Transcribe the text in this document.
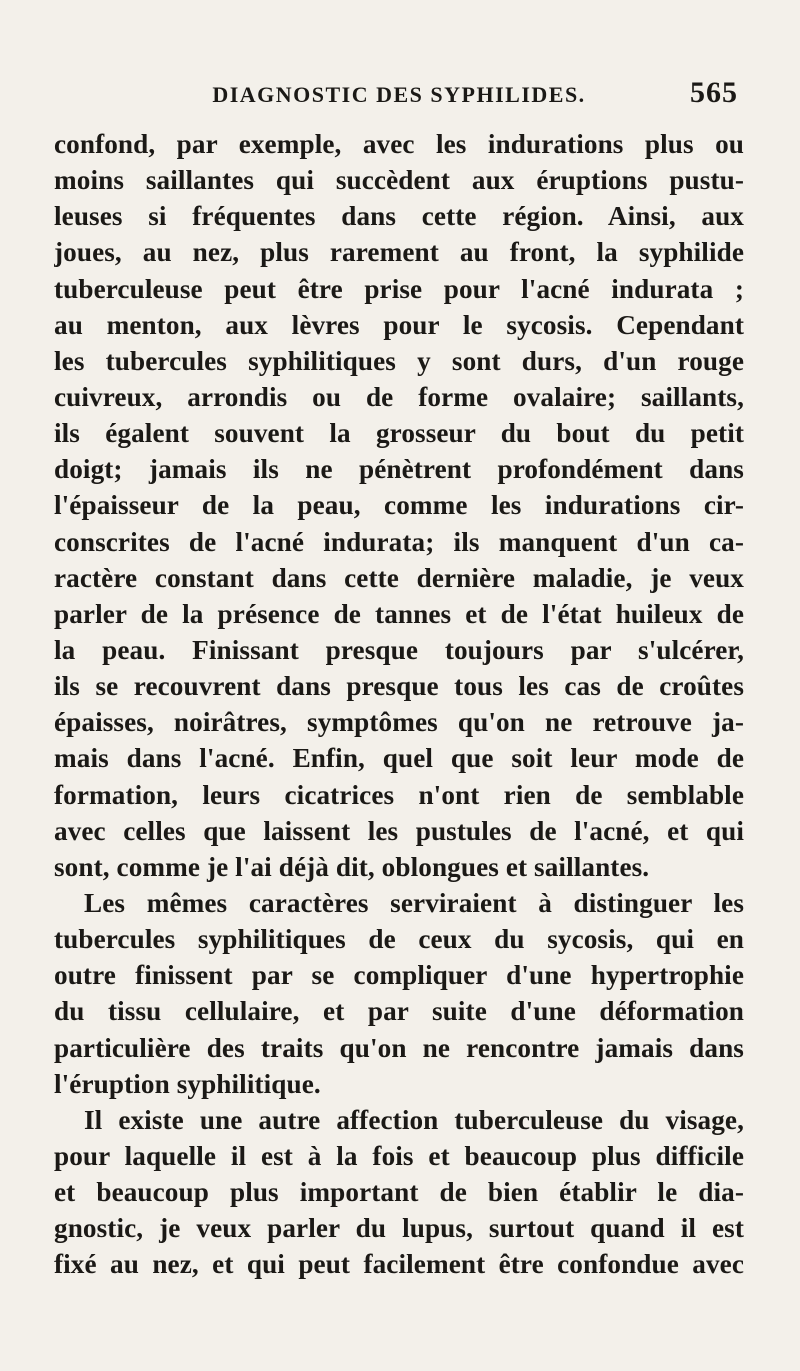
DIAGNOSTIC DES SYPHILIDES.	565
confond, par exemple, avec les indurations plus ou
moins saillantes qui succèdent aux éruptions pustu-
leuses si fréquentes dans cette région. Ainsi, aux
joues, au nez, plus rarement au front, la syphilide
tuberculeuse peut être prise pour l'acné indurata ;
au menton, aux lèvres pour le sycosis. Cependant
les tubercules syphilitiques y sont durs, d'un rouge
cuivreux, arrondis ou de forme ovalaire; saillants,
ils égalent souvent la grosseur du bout du petit
doigt; jamais ils ne pénètrent profondément dans
l'épaisseur de la peau, comme les indurations cir-
conscrites de l'acné indurata; ils manquent d'un ca-
ractère constant dans cette dernière maladie, je veux
parler de la présence de tannes et de l'état huileux de
la peau. Finissant presque toujours par s'ulcérer,
ils se recouvrent dans presque tous les cas de croûtes
épaisses, noirâtres, symptômes qu'on ne retrouve ja-
mais dans l'acné. Enfin, quel que soit leur mode de
formation, leurs cicatrices n'ont rien de semblable
avec celles que laissent les pustules de l'acné, et qui
sont, comme je l'ai déjà dit, oblongues et saillantes.
Les mêmes caractères serviraient à distinguer les
tubercules syphilitiques de ceux du sycosis, qui en
outre finissent par se compliquer d'une hypertrophie
du tissu cellulaire, et par suite d'une déformation
particulière des traits qu'on ne rencontre jamais dans
l'éruption syphilitique.
Il existe une autre affection tuberculeuse du visage,
pour laquelle il est à la fois et beaucoup plus difficile
et beaucoup plus important de bien établir le dia-
gnostic, je veux parler du lupus, surtout quand il est
fixé au nez, et qui peut facilement être confondue avec
